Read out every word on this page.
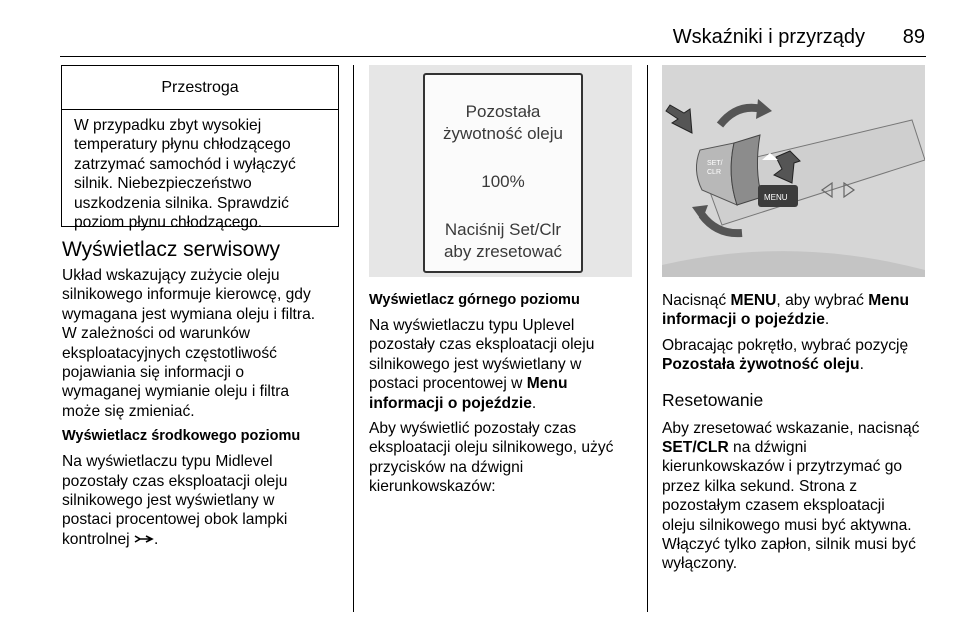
Wskaźniki i przyrządy	89
Przestroga

W przypadku zbyt wysokiej

temperatury płynu chłodzącego

zatrzymać samochód i wyłączyć

silnik. Niebezpieczeństwo

uszkodzenia silnika. Sprawdzić

poziom płynu chłodzącego.

Wyświetlacz serwisowy

Układ wskazujący zużycie oleju

silnikowego informuje kierowcę, gdy

wymagana jest wymiana oleju i filtra.

W zależności od warunków

eksploatacyjnych częstotliwość

pojawiania się informacji o

wymaganej wymianie oleju i filtra

może się zmieniać.

Wyświetlacz środkowego poziomu

Na wyświetlaczu typu Midlevel

pozostały czas eksploatacji oleju

silnikowego jest wyświetlany w

postaci procentowej obok lampki

kontrolnej .

Pozostała
żywotność oleju
100%
Naciśnij Set/Clr
aby zresetować
Wyświetlacz górnego poziomu

Na wyświetlaczu typu Uplevel

pozostały czas eksploatacji oleju

silnikowego jest wyświetlany w

postaci procentowej w Menu

informacji o pojeździe.

Aby wyświetlić pozostały czas

eksploatacji oleju silnikowego, użyć

przycisków na dźwigni

kierunkowskazów:

SET/
CLR
MENU

Nacisnąć MENU, aby wybrać Menu

informacji o pojeździe.

Obracając pokrętło, wybrać pozycję

Pozostała żywotność oleju.

Resetowanie

Aby zresetować wskazanie, nacisnąć

SET/CLR na dźwigni

kierunkowskazów i przytrzymać go

przez kilka sekund. Strona z

pozostałym czasem eksploatacji

oleju silnikowego musi być aktywna.

Włączyć tylko zapłon, silnik musi być

wyłączony.
